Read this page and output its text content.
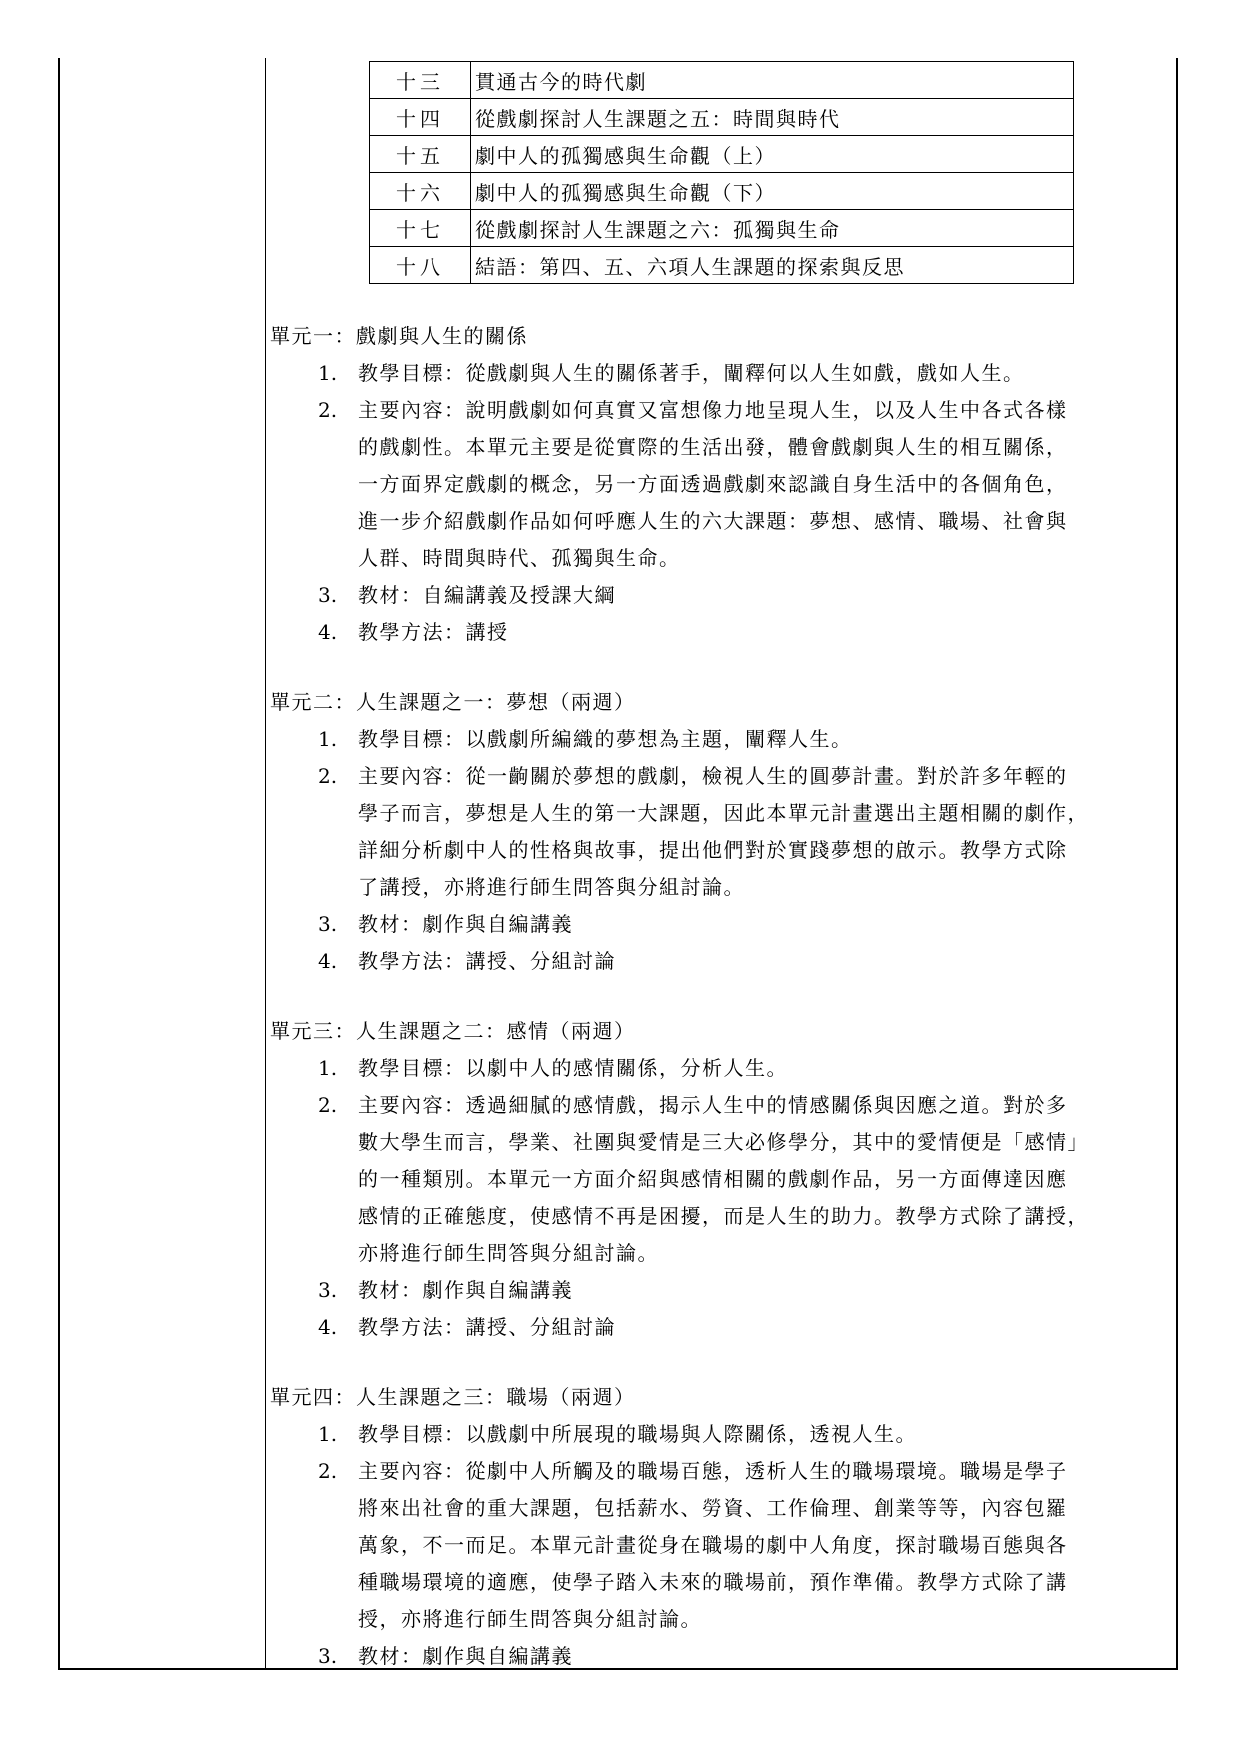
十三	貫通古今的時代劇
十四	從戲劇探討人生課題之五：時間與時代
十五	劇中人的孤獨感與生命觀（上）
十六	劇中人的孤獨感與生命觀（下）
十七	從戲劇探討人生課題之六：孤獨與生命
十八	結語：第四、五、六項人生課題的探索與反思
單元一：戲劇與人生的關係
1. 教學目標：從戲劇與人生的關係著手，闡釋何以人生如戲，戲如人生。
2. 主要內容：說明戲劇如何真實又富想像力地呈現人生，以及人生中各式各樣
的戲劇性。本單元主要是從實際的生活出發，體會戲劇與人生的相互關係，
一方面界定戲劇的概念，另一方面透過戲劇來認識自身生活中的各個角色，
進一步介紹戲劇作品如何呼應人生的六大課題：夢想、感情、職場、社會與
人群、時間與時代、孤獨與生命。
3. 教材：自編講義及授課大綱
4. 教學方法：講授
單元二：人生課題之一：夢想（兩週）
1. 教學目標：以戲劇所編織的夢想為主題，闡釋人生。
2. 主要內容：從一齣關於夢想的戲劇，檢視人生的圓夢計畫。對於許多年輕的
學子而言，夢想是人生的第一大課題，因此本單元計畫選出主題相關的劇作，
詳細分析劇中人的性格與故事，提出他們對於實踐夢想的啟示。教學方式除
了講授，亦將進行師生問答與分組討論。
3. 教材：劇作與自編講義
4. 教學方法：講授、分組討論
單元三：人生課題之二：感情（兩週）
1. 教學目標：以劇中人的感情關係，分析人生。
2. 主要內容：透過細膩的感情戲，揭示人生中的情感關係與因應之道。對於多
數大學生而言，學業、社團與愛情是三大必修學分，其中的愛情便是「感情」
的一種類別。本單元一方面介紹與感情相關的戲劇作品，另一方面傳達因應
感情的正確態度，使感情不再是困擾，而是人生的助力。教學方式除了講授，
亦將進行師生問答與分組討論。
3. 教材：劇作與自編講義
4. 教學方法：講授、分組討論
單元四：人生課題之三：職場（兩週）
1. 教學目標：以戲劇中所展現的職場與人際關係，透視人生。
2. 主要內容：從劇中人所觸及的職場百態，透析人生的職場環境。職場是學子
將來出社會的重大課題，包括薪水、勞資、工作倫理、創業等等，內容包羅
萬象，不一而足。本單元計畫從身在職場的劇中人角度，探討職場百態與各
種職場環境的適應，使學子踏入未來的職場前，預作準備。教學方式除了講
授，亦將進行師生問答與分組討論。
3. 教材：劇作與自編講義
